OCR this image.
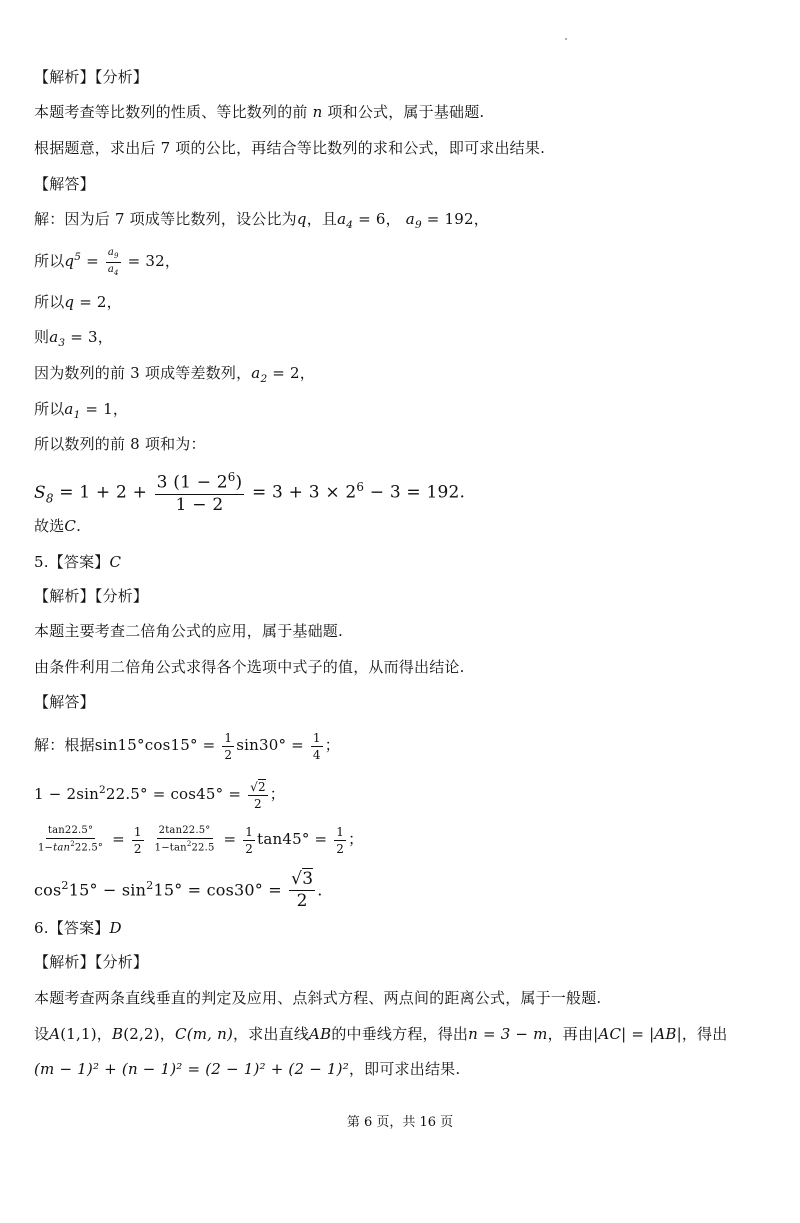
【解析】【分析】
本题考查等比数列的性质、等比数列的前 n 项和公式，属于基础题.
根据题意，求出后 7 项的公比，再结合等比数列的求和公式，即可求出结果.
【解答】
解：因为后 7 项成等比数列，设公比为q，且$a_4 = 6$， $a_9 = 192$，
所以$q^5 = \frac{a_9}{a_4} = 32$，
所以q = 2，
则$a_3 = 3$，
因为数列的前 3 项成等差数列，$a_2 = 2$，
所以$a_1 = 1$，
所以数列的前 8 项和为：
$S_8 = 1 + 2 + \frac{3 (1 - 2^6)}{1 - 2} = 3 + 3 \times 2^6 - 3 = 192$.
故选C.
5.【答案】C
【解析】【分析】
本题主要考查二倍角公式的应用，属于基础题.
由条件利用二倍角公式求得各个选项中式子的值，从而得出结论.
【解答】
解：根据$\sin 15^\circ\cos 15^\circ = \frac{1}{2} \sin 30^\circ = \frac{1}{4}$ ；
$1 - 2\sin^222.5^\circ = \cos 45^\circ = \frac{√2}{2}$ ；
$\frac{\tan 22.5^\circ}{1-\tan^222.5^\circ} = \frac{1}{2}$
$\frac{2\tan 22.5^\circ}{1-\tan^222.5} = \frac{1}{2} \tan 45^\circ = \frac{1}{2}$ ；
$\cos^215^\circ - \sin^215^\circ = \cos 30^\circ = \frac{√3}{2}$ .
6.【答案】D
【解析】【分析】
本题考查两条直线垂直的判定及应用、点斜式方程、两点间的距离公式，属于一般题.
设A(1,1)，B(2,2)，C(m, n)，求出直线AB的中垂线方程，得出n = 3 − m，再由|AC| = |AB|，得出
(m − 1)² + (n − 1)² = (2 − 1)² + (2 − 1)²，即可求出结果.
第 6 页，共 16 页
